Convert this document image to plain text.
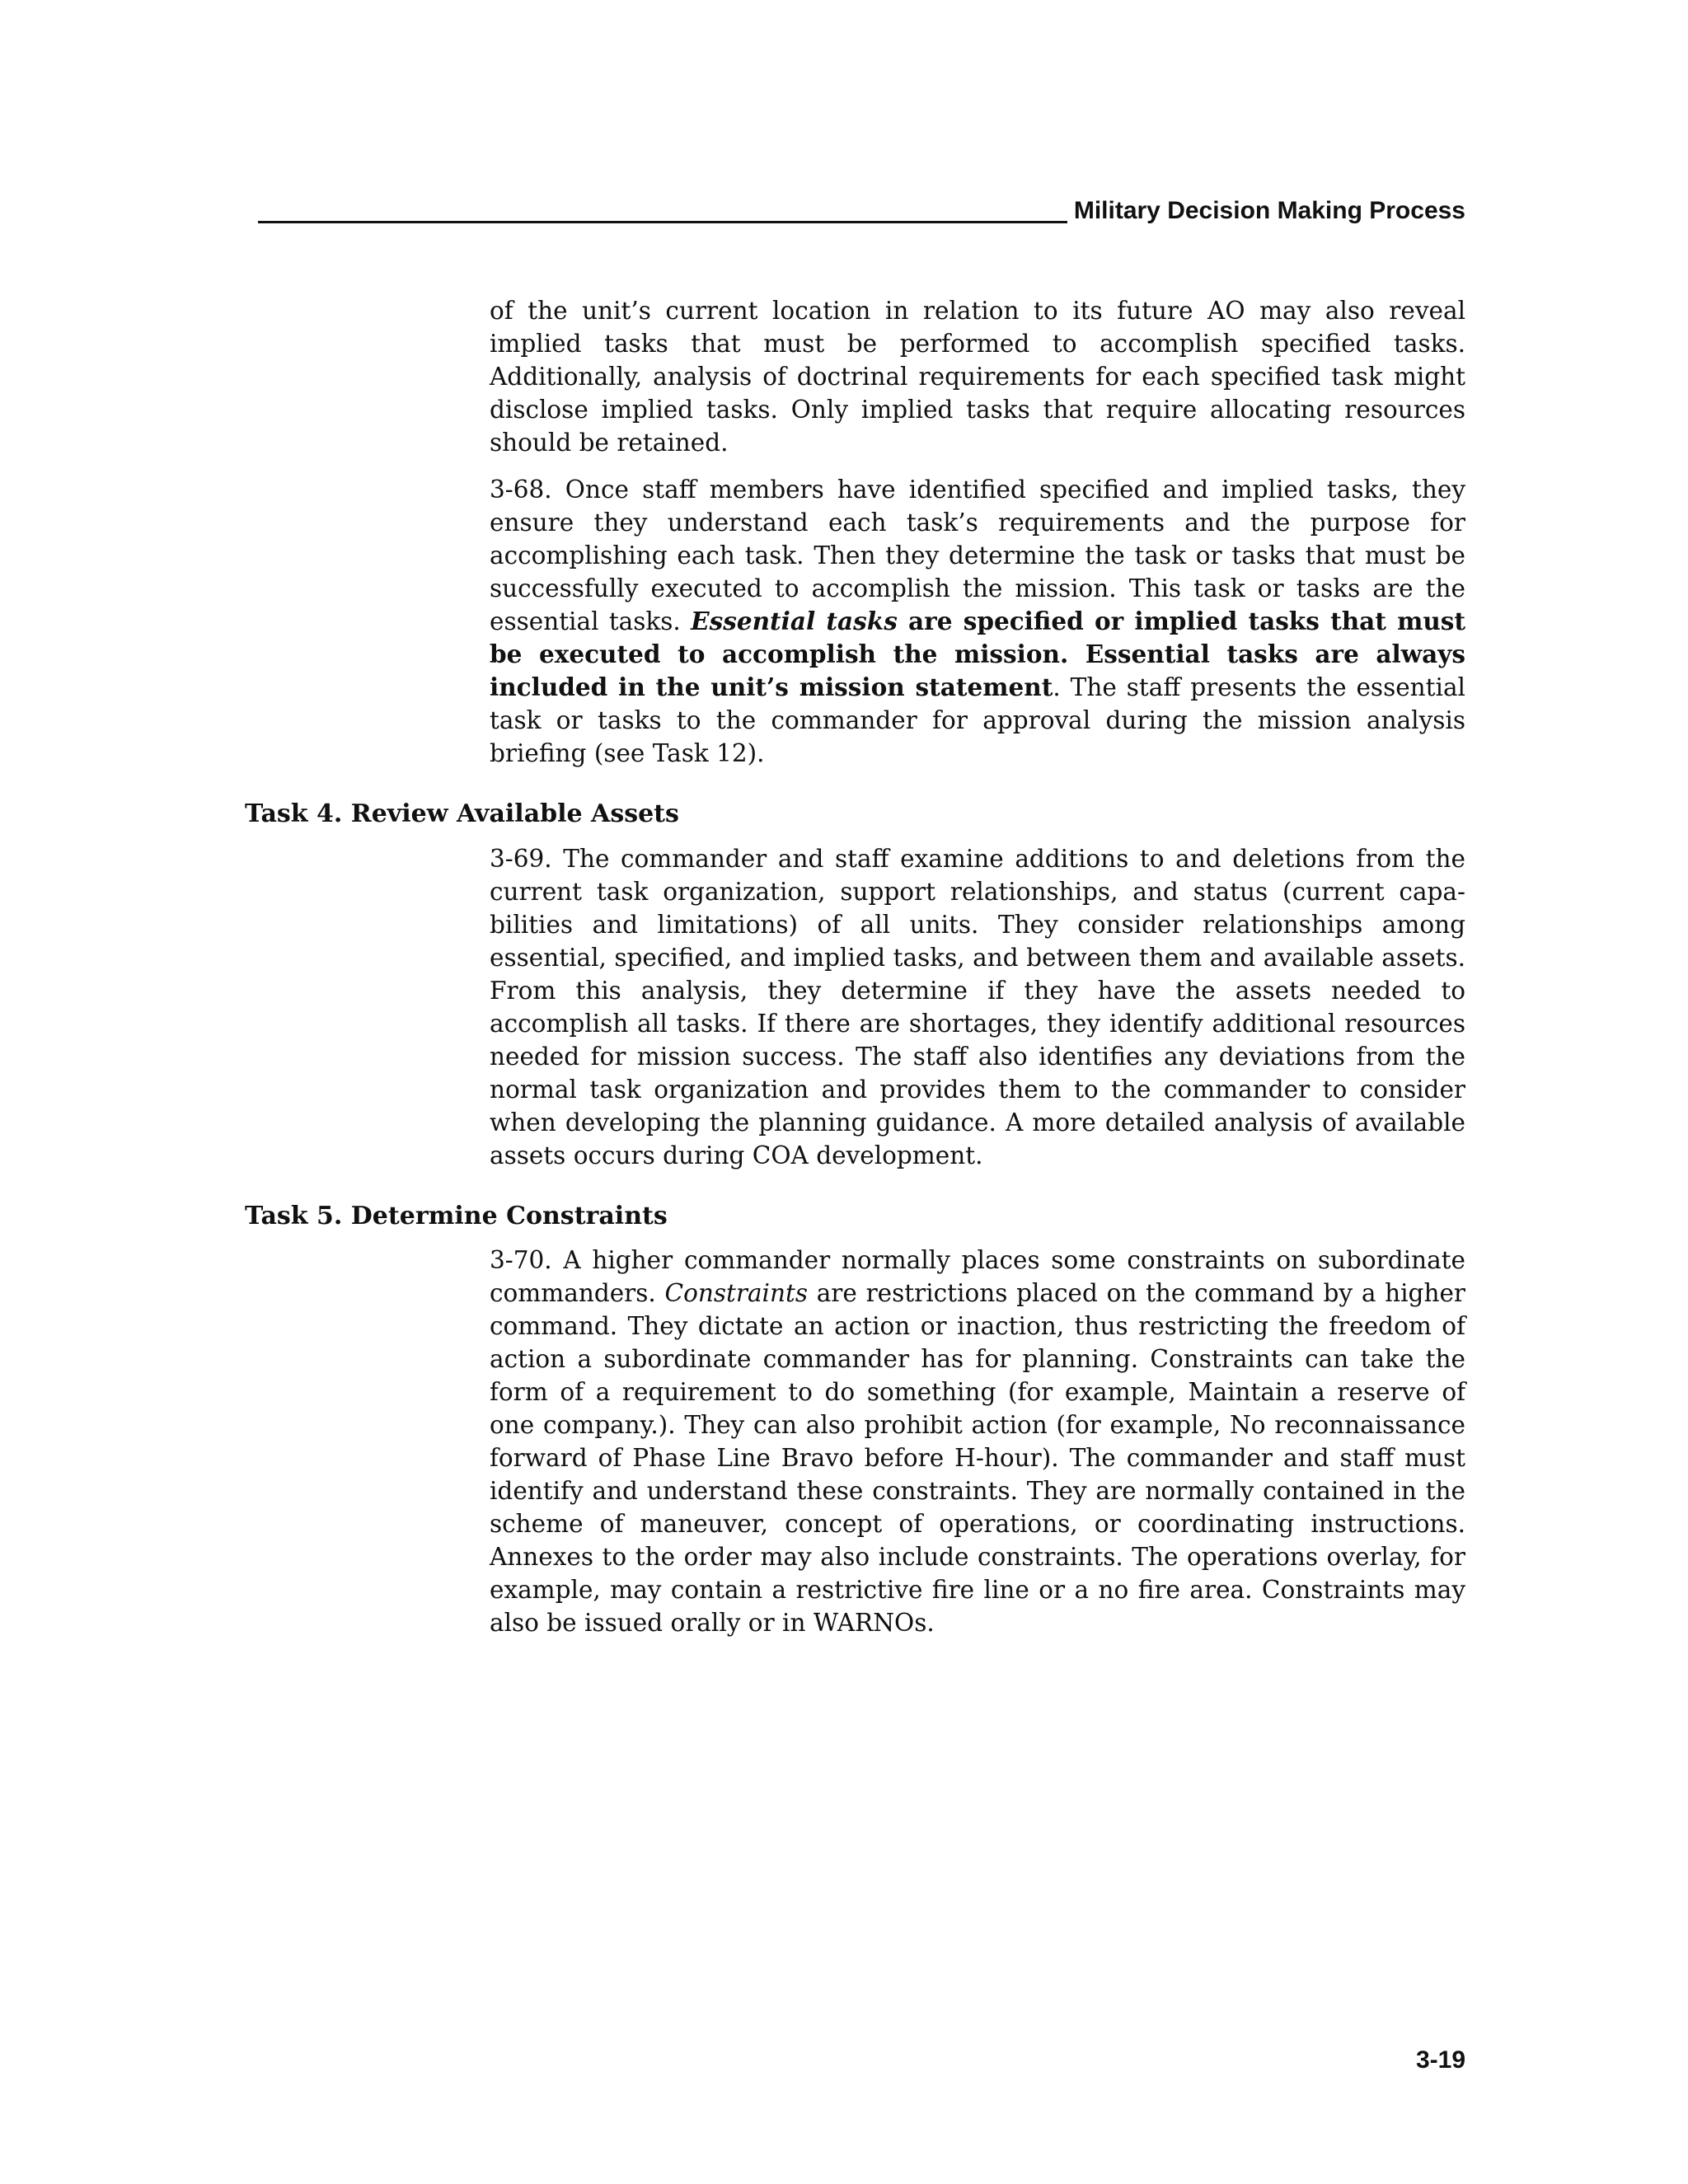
Military Decision Making Process

of the unit’s current location in relation to its future AO may also reveal implied tasks that must be performed to accomplish specified tasks. Additionally, analysis of doctrinal requirements for each specified task might disclose implied tasks. Only implied tasks that require allocating resources should be retained.

3-68. Once staff members have identified specified and implied tasks, they ensure they understand each task’s requirements and the purpose for accomplishing each task. Then they determine the task or tasks that must be successfully executed to accomplish the mission. This task or tasks are the essential tasks. Essential tasks are specified or implied tasks that must be executed to accomplish the mission. Essential tasks are always included in the unit’s mission statement. The staff presents the essential task or tasks to the commander for approval during the mission analysis briefing (see Task 12).

Task 4. Review Available Assets

3-69. The commander and staff examine additions to and deletions from the current task organization, support relationships, and status (current capabilities and limitations) of all units. They consider relationships among essential, specified, and implied tasks, and between them and available assets. From this analysis, they determine if they have the assets needed to accomplish all tasks. If there are shortages, they identify additional resources needed for mission success. The staff also identifies any deviations from the normal task organization and provides them to the commander to consider when developing the planning guidance. A more detailed analysis of available assets occurs during COA development.

Task 5. Determine Constraints

3-70. A higher commander normally places some constraints on subordinate commanders. Constraints are restrictions placed on the command by a higher command. They dictate an action or inaction, thus restricting the freedom of action a subordinate commander has for planning. Constraints can take the form of a requirement to do something (for example, Maintain a reserve of one company.). They can also prohibit action (for example, No reconnaissance forward of Phase Line Bravo before H-hour). The commander and staff must identify and understand these constraints. They are normally contained in the scheme of maneuver, concept of operations, or coordinating instructions. Annexes to the order may also include constraints. The operations overlay, for example, may contain a restrictive fire line or a no fire area. Constraints may also be issued orally or in WARNOs.

3-19
